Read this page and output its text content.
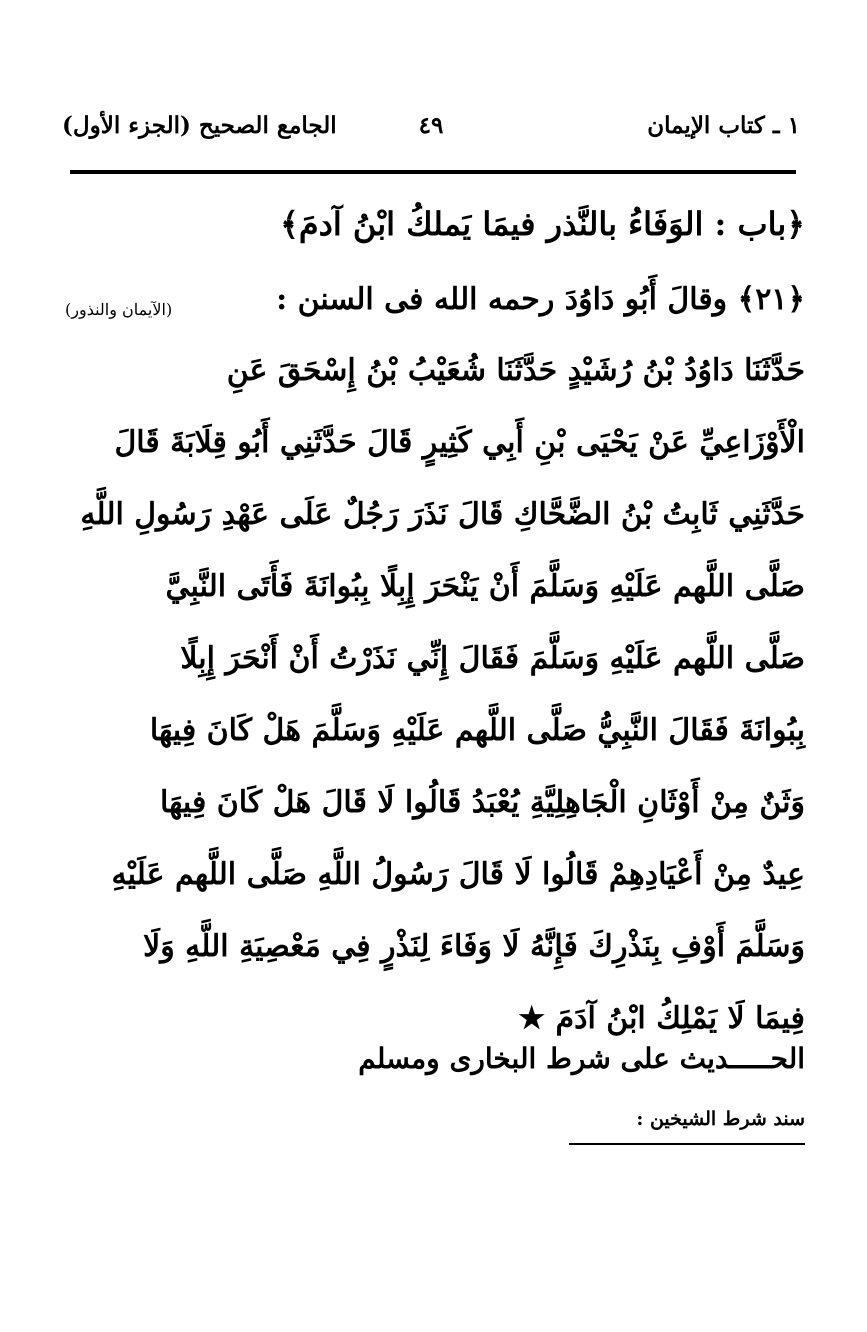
١ ـ كتاب الإيمان
٤٩
الجامع الصحيح (الجزء الأول)
﴿باب : الوَفَاءُ بالنَّذر فيمَا يَملكُ ابْنُ آدمَ﴾
﴿٢١﴾ وقالَ أَبُو دَاوُدَ رحمه الله فى السنن :
(الآيمان والنذور)
حَدَّثَنَا دَاوُدُ بْنُ رُشَيْدٍ حَدَّثَنَا شُعَيْبُ بْنُ إِسْحَقَ عَنِ
الْأَوْزَاعِيِّ عَنْ يَحْيَى بْنِ أَبِي كَثِيرٍ قَالَ حَدَّثَنِي أَبُو قِلَابَةَ قَالَ
حَدَّثَنِي ثَابِتُ بْنُ الضَّحَّاكِ قَالَ نَذَرَ رَجُلٌ عَلَى عَهْدِ رَسُولِ اللَّهِ
صَلَّى اللَّهم عَلَيْهِ وَسَلَّمَ أَنْ يَنْحَرَ إِبِلًا بِبُوانَةَ فَأَتَى النَّبِيَّ
صَلَّى اللَّهم عَلَيْهِ وَسَلَّمَ فَقَالَ إِنِّي نَذَرْتُ أَنْ أَنْحَرَ إِبِلًا
بِبُوانَةَ فَقَالَ النَّبِيُّ صَلَّى اللَّهم عَلَيْهِ وَسَلَّمَ هَلْ كَانَ فِيهَا
وَثَنٌ مِنْ أَوْثَانِ الْجَاهِلِيَّةِ يُعْبَدُ قَالُوا لَا قَالَ هَلْ كَانَ فِيهَا
عِيدٌ مِنْ أَعْيَادِهِمْ قَالُوا لَا قَالَ رَسُولُ اللَّهِ صَلَّى اللَّهم عَلَيْهِ
وَسَلَّمَ أَوْفِ بِنَذْرِكَ فَإِنَّهُ لَا وَفَاءَ لِنَذْرٍ فِي مَعْصِيَةِ اللَّهِ وَلَا
فِيمَا لَا يَمْلِكُ ابْنُ آدَمَ ★
الحـــــديث على شرط البخارى ومسلم
سند شرط الشيخين :
